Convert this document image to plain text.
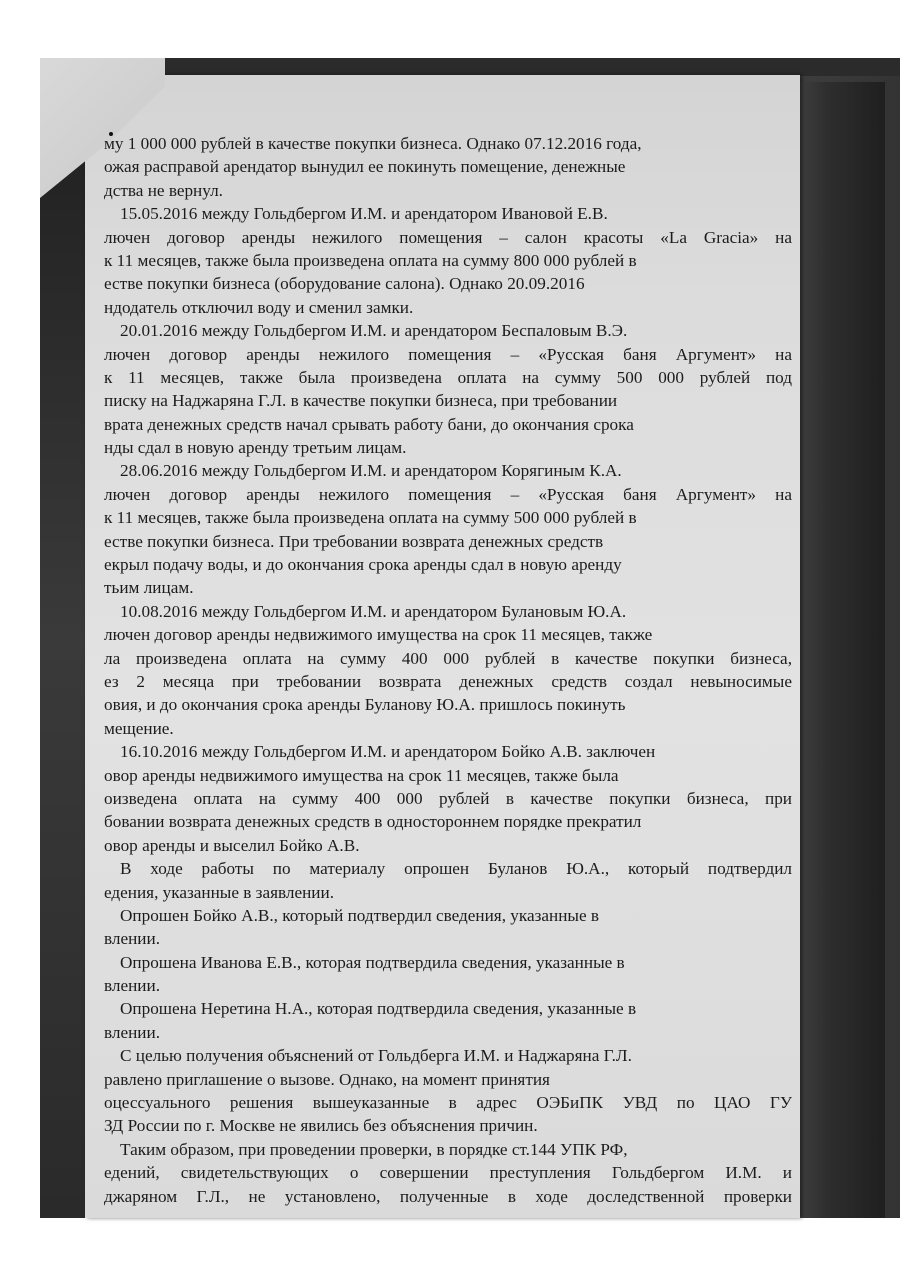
му 1 000 000 рублей в качестве покупки бизнеса. Однако 07.12.2016 года,
ожая расправой арендатор вынудил ее покинуть помещение, денежные
дства не вернул.
15.05.2016 между Гольдбергом И.М. и арендатором Ивановой Е.В.
лючен договор аренды нежилого помещения – салон красоты «La Gracia» на
к 11 месяцев, также была произведена оплата на сумму 800 000 рублей в
естве покупки бизнеса (оборудование салона). Однако 20.09.2016
ндодатель отключил воду и сменил замки.
20.01.2016 между Гольдбергом И.М. и арендатором Беспаловым В.Э.
лючен договор аренды нежилого помещения – «Русская баня Аргумент» на
к 11 месяцев, также была произведена оплата на сумму 500 000 рублей под
писку на Наджаряна Г.Л. в качестве покупки бизнеса, при требовании
врата денежных средств начал срывать работу бани, до окончания срока
нды сдал в новую аренду третьим лицам.
28.06.2016 между Гольдбергом И.М. и арендатором Корягиным К.А.
лючен договор аренды нежилого помещения – «Русская баня Аргумент» на
к 11 месяцев, также была произведена оплата на сумму 500 000 рублей в
естве покупки бизнеса. При требовании возврата денежных средств
екрыл подачу воды, и до окончания срока аренды сдал в новую аренду
тьим лицам.
10.08.2016 между Гольдбергом И.М. и арендатором Булановым Ю.А.
лючен договор аренды недвижимого имущества на срок 11 месяцев, также
ла произведена оплата на сумму 400 000 рублей в качестве покупки бизнеса,
ез 2 месяца при требовании возврата денежных средств создал невыносимые
овия, и до окончания срока аренды Буланову Ю.А. пришлось покинуть
мещение.
16.10.2016 между Гольдбергом И.М. и арендатором Бойко А.В. заключен
овор аренды недвижимого имущества на срок 11 месяцев, также была
оизведена оплата на сумму 400 000 рублей в качестве покупки бизнеса, при
бовании возврата денежных средств в одностороннем порядке прекратил
овор аренды и выселил Бойко А.В.
В ходе работы по материалу опрошен Буланов Ю.А., который подтвердил
едения, указанные в заявлении.
Опрошен Бойко А.В., который подтвердил сведения, указанные в
влении.
Опрошена Иванова Е.В., которая подтвердила сведения, указанные в
влении.
Опрошена Неретина Н.А., которая подтвердила сведения, указанные в
влении.
С целью получения объяснений от Гольдберга И.М. и Наджаряна Г.Л.
равлено приглашение о вызове. Однако, на момент принятия
оцессуального решения вышеуказанные в адрес ОЭБиПК УВД по ЦАО ГУ
ЗД России по г. Москве не явились без объяснения причин.
Таким образом, при проведении проверки, в порядке ст.144 УПК РФ,
едений, свидетельствующих о совершении преступления Гольдбергом И.М. и
джаряном Г.Л., не установлено, полученные в ходе доследственной проверки
